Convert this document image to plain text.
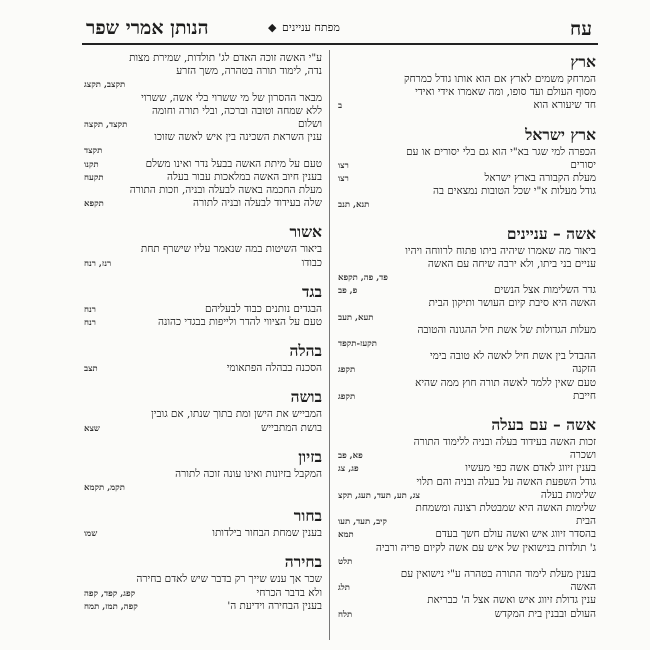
עח
מפתח עניינים
◆
הנותן אמרי שפר
ארץ
המרחק משמים לארץ אם הוא אותו גודל כמרחק
מסוף העולם ועד סופו, ומה שאמרו אידי ואידי
חד שיעורא הוא
ב
ארץ ישראל
הכפרה למי שגר בא"י הוא גם בלי יסורים או עם
יסורים
רצו
מעלת הקבורה בארץ ישראל
רצו
גודל מעלות א"י שכל הטובות נמצאים בה
תנא, תנב
אשה – עניינים
ביאור מה שאמרו שיהיה ביתו פתוח לרווחה ויהיו
עניים בני ביתו, ולא ירבה שיחה עם האשה
פד, פה, תקפא
גדר השלימות אצל הנשים
פ, פב
האשה היא סיבת קיום העושר ותיקון הבית
תעא, תעב
מעלות הגדולות של אשת חיל ההגונה והטובה
תקעז-תקפד
ההבדל בין אשת חיל לאשה לא טובה בימי
הזקנה
תקפג
טעם שאין ללמד לאשה תורה חוץ ממה שהיא
חייבת
תקפג
אשה – עם בעלה
זכות האשה בעידוד בעלה ובניה ללימוד התורה
ושכרה
פא, פב
בענין זיווג לאדם אשה כפי מעשיו
פג, צג
גודל השפעת האשה על בעלה ובניה והם תלוי
שלימות בעלה
צג, תע, תעד, תעג, תקצ
שלימות האשה היא שמבטלת רצונה ומשמחת
הבית
קיב, תעד, תעו
בהסדר זיווג איש ואשה עולם חשך בעדם
תמא
ג' תולדות בנישואין של איש עם אשה לקיום פריה ורביה
תלט
בענין מעלת לימוד התורה בטהרה ע"י נישואין עם
האשה
תלג
ענין גדולת זיווג איש ואשה אצל ה' כבריאת
העולם ובבנין בית המקדש
תלח
ע"י האשה זוכה האדם לג' תולדות, שמירת מצות
נדה, לימוד תורה בטהרה, משך הזרע
תקצב, תקצג
מבאר ההסרון של מי ששרוי בלי אשה, ששרוי
ללא שמחה וטובה וברכה, ובלי תורה וחומה
ושלום
תקצד, תקצה
ענין השראת השכינה בין איש לאשה שזוכו
תקצד
טעם על מיתת האשה בבעל נדר ואינו משלם
תקנו
בענין חיוב האשה במלאכות עבור בעלה
תקעח
מעלת החכמה באשה לבעלה ובניה, וזכות התורה
שלה בעידוד לבעלה ובניה לתורה
תקפא
אשור
ביאור השיטות במה שנאמר עליו שישרף תחת
כבודו
רנז, רנח
בגד
הבגדים נותנים כבוד לבעליהם
רנח
טעם על הציווי להדר ולייפות בבגדי כהונה
רנח
בהלה
הסכנה בבהלה הפתאומי
תצב
בושה
המבייש את הישן ומת בתוך שנתו, אם גובין
בושת המתבייש
שצא
בזיון
המקבל בזיונות ואינו עונה זוכה לתורה
תקמ, תקמא
בחור
בענין שמחת הבחור בילדותו
שמו
בחירה
שכר אך ענש שייך רק בדבר שיש לאדם בחירה
ולא בדבר הכרחי
קפג, קפד, קפה
בענין הבחירה וידיעת ה'
קפה, תמז, תמח
